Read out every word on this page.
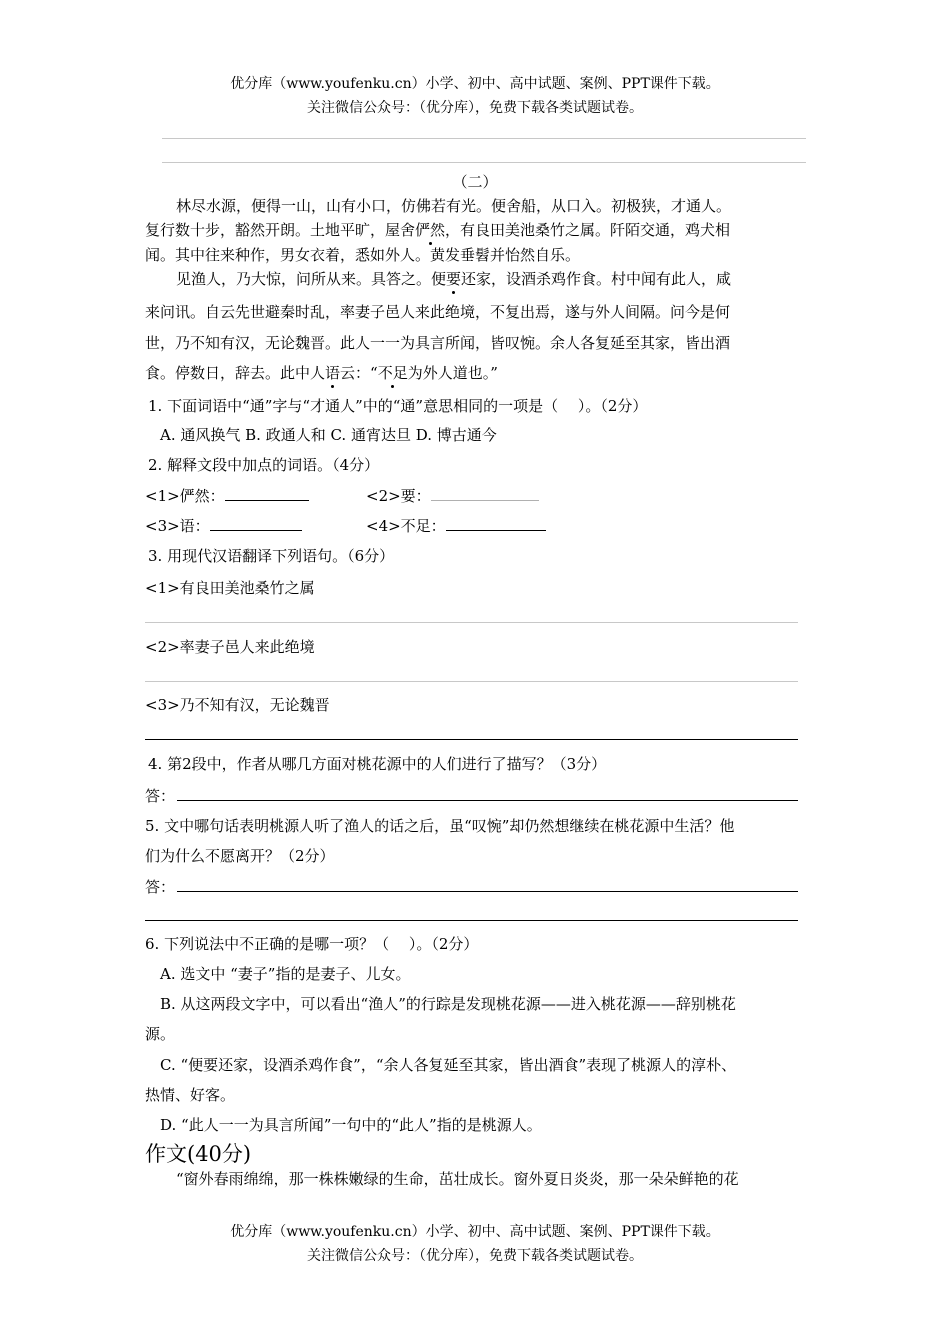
优分库（www.youfenku.cn）小学、初中、高中试题、案例、PPT课件下载。
关注微信公众号：（优分库），免费下载各类试题试卷。
（二）
林尽水源，便得一山，山有小口，仿佛若有光。便舍船，从口入。初极狭，才通人。
复行数十步，豁然开朗。土地平旷，屋舍俨然，有良田美池桑竹之属。阡陌交通，鸡犬相
闻。其中往来种作，男女衣着，悉如外人。黄发垂髫并怡然自乐。
见渔人，乃大惊，问所从来。具答之。便要还家，设酒杀鸡作食。村中闻有此人，咸
来问讯。自云先世避秦时乱，率妻子邑人来此绝境，不复出焉，遂与外人间隔。问今是何
世，乃不知有汉，无论魏晋。此人一一为具言所闻，皆叹惋。余人各复延至其家，皆出酒
食。停数日，辞去。此中人语云：“不足为外人道也。”
1. 下面词语中“通”字与“才通人”中的“通”意思相同的一项是（　 ）。（2分）
A. 通风换气 B. 政通人和 C. 通宵达旦 D. 博古通今
2. 解释文段中加点的词语。（4分）
<1>俨然：	<2>要：
<3>语：	<4>不足：
3. 用现代汉语翻译下列语句。（6分）
<1>有良田美池桑竹之属
<2>率妻子邑人来此绝境
<3>乃不知有汉，无论魏晋
4. 第2段中，作者从哪几方面对桃花源中的人们进行了描写？（3分）
答：
5. 文中哪句话表明桃源人听了渔人的话之后，虽“叹惋”却仍然想继续在桃花源中生活？他
们为什么不愿离开？（2分）
答：
6. 下列说法中不正确的是哪一项？（　 ）。（2分）
A. 选文中 “妻子”指的是妻子、儿女。
B. 从这两段文字中，可以看出“渔人”的行踪是发现桃花源——进入桃花源——辞别桃花
源。
C. “便要还家，设酒杀鸡作食”，“余人各复延至其家，皆出酒食”表现了桃源人的淳朴、
热情、好客。
D. “此人一一为具言所闻”一句中的“此人”指的是桃源人。
作文(40分)
“窗外春雨绵绵，那一株株嫩绿的生命，茁壮成长。窗外夏日炎炎，那一朵朵鲜艳的花
优分库（www.youfenku.cn）小学、初中、高中试题、案例、PPT课件下载。
关注微信公众号：（优分库），免费下载各类试题试卷。
